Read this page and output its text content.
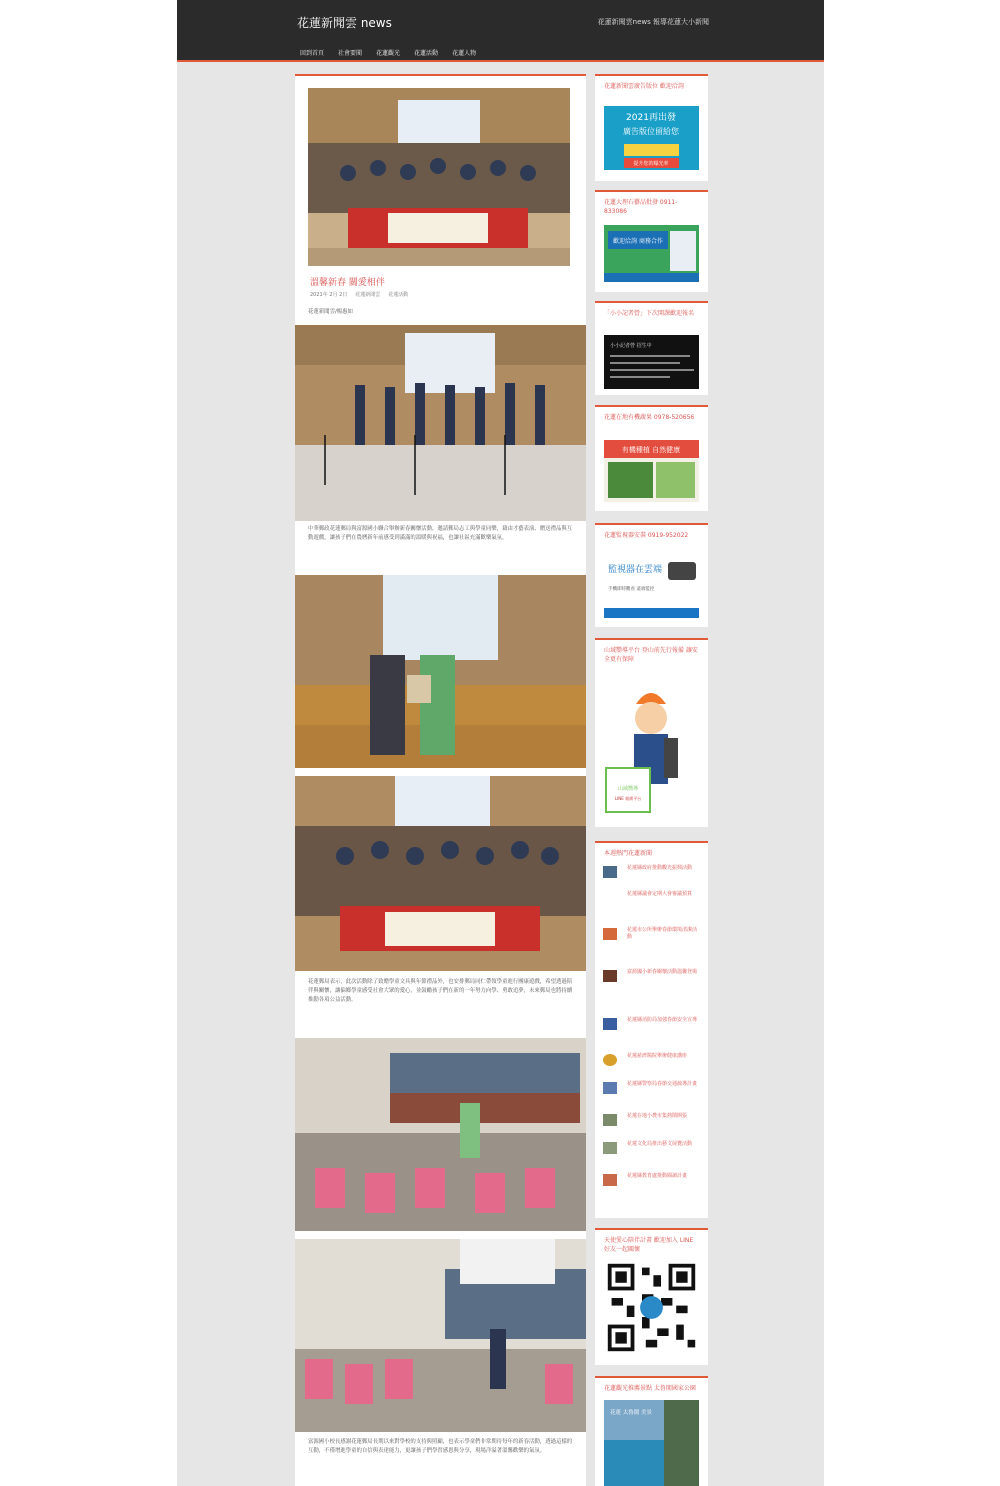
花蓮新聞雲 news	花蓮新聞雲news 報導花蓮大小新聞
回到首頁 社會要聞 花蓮觀光 花蓮活動 花蓮人物
溫馨新春 關愛相伴
2021年 2月 2日 花蓮新聞雲 花蓮活動
花蓮新聞雲/楊惠如
中華郵政花蓮郵局與富源國小聯合舉辦新春關懷活動，邀請郵局志工與學童同樂，藉由才藝表演、贈送禮品與互動遊戲，讓孩子們在農曆新年前感受到滿滿的溫暖與祝福，也讓社區充滿歡樂氣氛。
花蓮郵局表示，此次活動除了致贈學童文具與年節禮品外，也安排郵局同仁帶領學童進行團康遊戲，希望透過陪伴與關懷，讓偏鄉學童感受社會大眾的愛心，並鼓勵孩子們在新的一年努力向學、勇敢追夢，未來郵局也將持續推動各項公益活動。
富源國小校長感謝花蓮郵局長期以來對學校的支持與照顧，也表示學童們非常期待每年的新春活動，透過這樣的互動，不僅增進學童的自信與表達能力，更讓孩子們學習感恩與分享，現場洋溢著溫馨歡樂的氣氛。
花蓮新聞雲廣告版位 歡迎洽詢
2021再出發
廣告版位留給您
提升您的曝光率
花蓮大理石藝品批發 0911-833086
歡迎洽詢 商務合作
「小小記者營」下次開課歡迎報名
小小記者營 招生中
花蓮在地有機蔬果 0978-520656
有機種植 自然健康
花蓮監視器安裝 0919-952022
監視器在雲端
手機即時觀看 遠端監控
山域嚮導平台 登山前先行報備 讓安全更有保障
山域嚮導
LINE 報備平台
本週熱門花蓮新聞
花蓮縣政府推動觀光振興活動
花蓮縣議會定期大會審議預算
花蓮市公所舉辦春節環境清潔活動
富源國小新春關懷活動溫馨登場
花蓮縣消防局加強春節安全宣導
花蓮慈濟醫院舉辦健康講座
花蓮縣警察局春節交通疏導計畫
花蓮在地小農市集熱鬧開張
花蓮文化局推出藝文展覽活動
花蓮縣教育處推動閱讀計畫
天使愛心陪伴計畫 歡迎加入 LINE 好友一起關懷
花蓮觀光推薦景點 太魯閣國家公園
花蓮 太魯閣 美景
